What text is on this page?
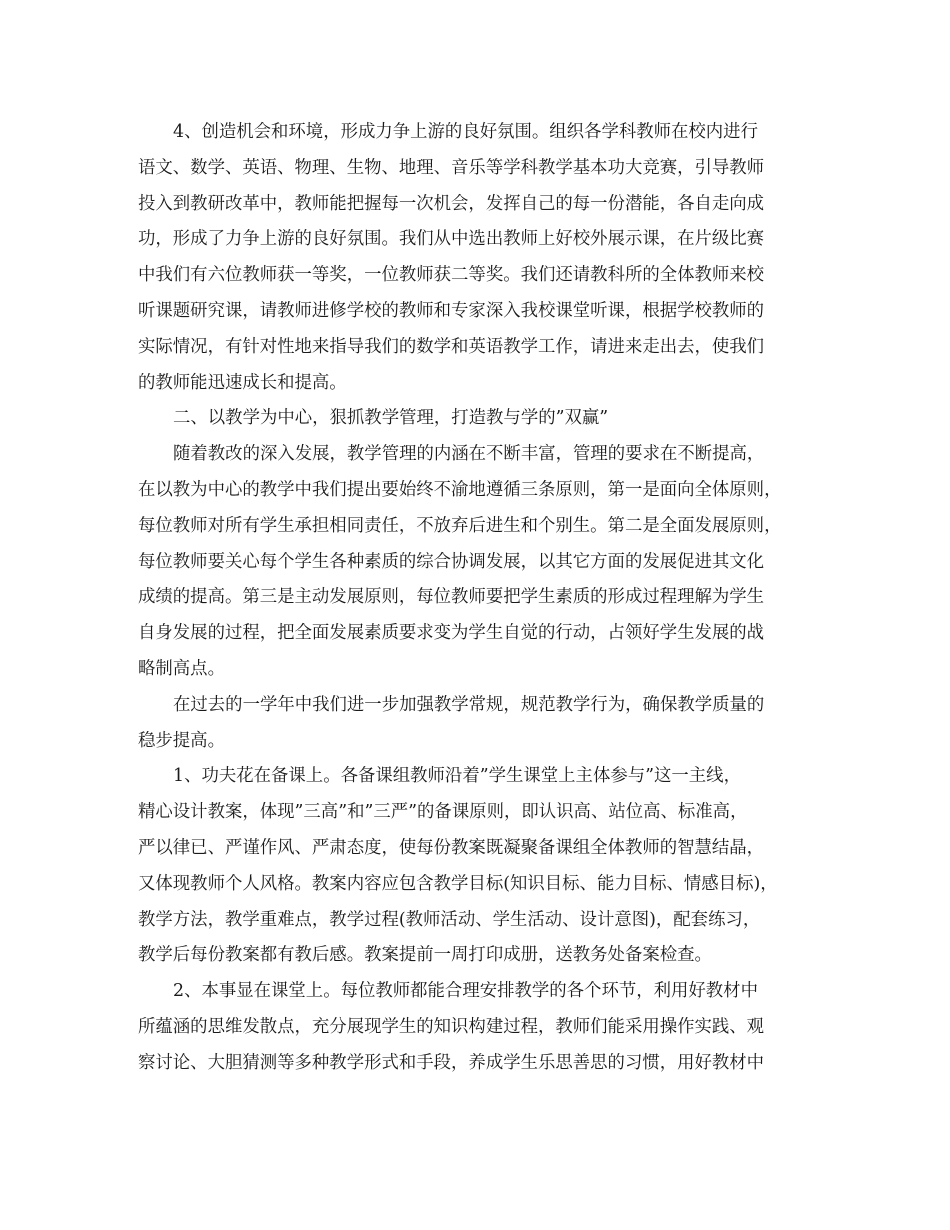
4、创造机会和环境，形成力争上游的良好氛围。组织各学科教师在校内进行
语文、数学、英语、物理、生物、地理、音乐等学科教学基本功大竞赛，引导教师
投入到教研改革中，教师能把握每一次机会，发挥自己的每一份潜能，各自走向成
功，形成了力争上游的良好氛围。我们从中选出教师上好校外展示课，在片级比赛
中我们有六位教师获一等奖，一位教师获二等奖。我们还请教科所的全体教师来校
听课题研究课，请教师进修学校的教师和专家深入我校课堂听课，根据学校教师的
实际情况，有针对性地来指导我们的数学和英语教学工作，请进来走出去，使我们
的教师能迅速成长和提高。
二、以教学为中心，狠抓教学管理，打造教与学的”双赢”
随着教改的深入发展，教学管理的内涵在不断丰富，管理的要求在不断提高，
在以教为中心的教学中我们提出要始终不渝地遵循三条原则，第一是面向全体原则，
每位教师对所有学生承担相同责任，不放弃后进生和个别生。第二是全面发展原则，
每位教师要关心每个学生各种素质的综合协调发展，以其它方面的发展促进其文化
成绩的提高。第三是主动发展原则，每位教师要把学生素质的形成过程理解为学生
自身发展的过程，把全面发展素质要求变为学生自觉的行动，占领好学生发展的战
略制高点。
在过去的一学年中我们进一步加强教学常规，规范教学行为，确保教学质量的
稳步提高。
1、功夫花在备课上。各备课组教师沿着”学生课堂上主体参与”这一主线，
精心设计教案，体现”三高”和”三严”的备课原则，即认识高、站位高、标准高，
严以律已、严谨作风、严肃态度，使每份教案既凝聚备课组全体教师的智慧结晶，
又体现教师个人风格。教案内容应包含教学目标(知识目标、能力目标、情感目标)，
教学方法，教学重难点，教学过程(教师活动、学生活动、设计意图)，配套练习，
教学后每份教案都有教后感。教案提前一周打印成册，送教务处备案检查。
2、本事显在课堂上。每位教师都能合理安排教学的各个环节，利用好教材中
所蕴涵的思维发散点，充分展现学生的知识构建过程，教师们能采用操作实践、观
察讨论、大胆猜测等多种教学形式和手段，养成学生乐思善思的习惯，用好教材中
